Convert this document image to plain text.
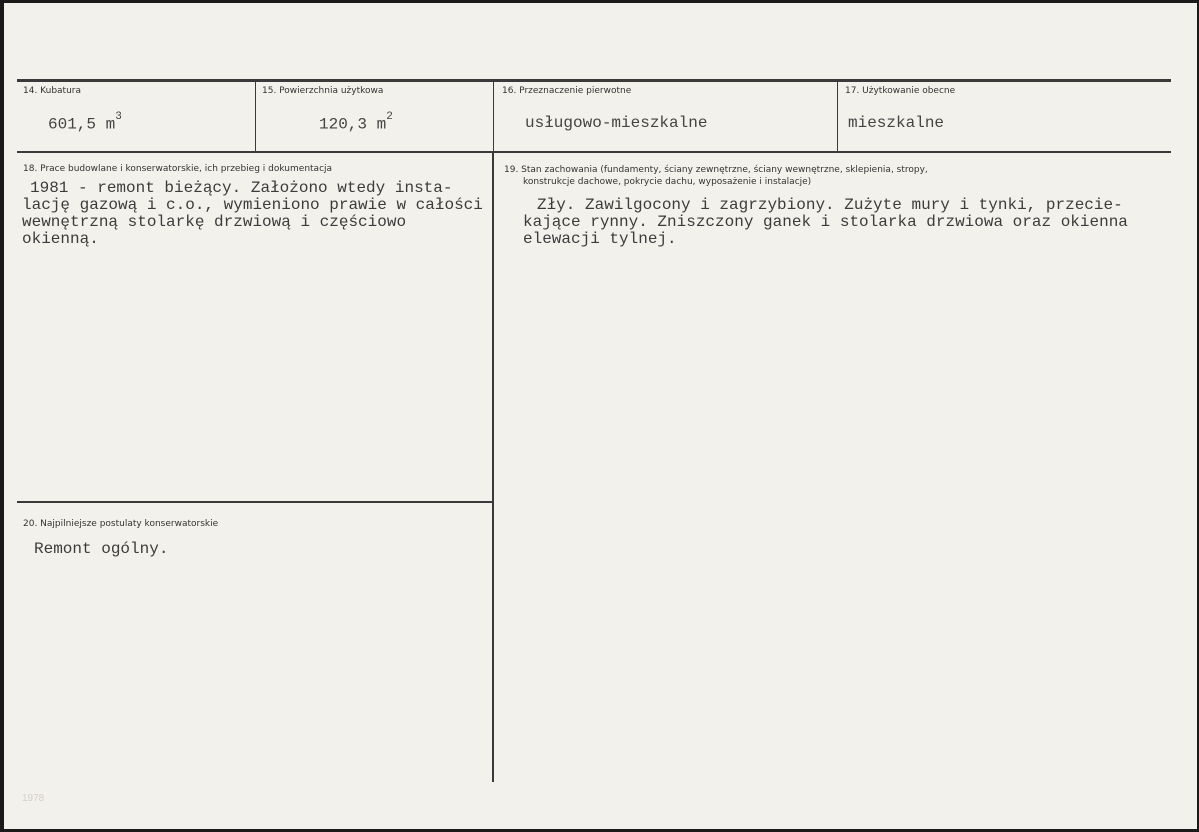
14. Kubatura
601,5 $m^3$
15. Powierzchnia użytkowa
120,3 $m^2$
16. Przeznaczenie pierwotne
usługowo-mieszkalne
17. Użytkowanie obecne
mieszkalne
18. Prace budowlane i konserwatorskie, ich przebieg i dokumentacja
1981 - remont bieżący. Założono wtedy insta-
lację gazową i c.o., wymieniono prawie w całości
wewnętrzną stolarkę drzwiową i częściowo
okienną.
19. Stan zachowania (fundamenty, ściany zewnętrzne, ściany wewnętrzne, sklepienia, stropy,
konstrukcje dachowe, pokrycie dachu, wyposażenie i instalacje)
Zły. Zawilgocony i zagrzybiony. Zużyte mury i tynki, przecie-
kające rynny. Zniszczony ganek i stolarka drzwiowa oraz okienna
elewacji tylnej.
20. Najpilniejsze postulaty konserwatorskie
Remont ogólny.
1978
